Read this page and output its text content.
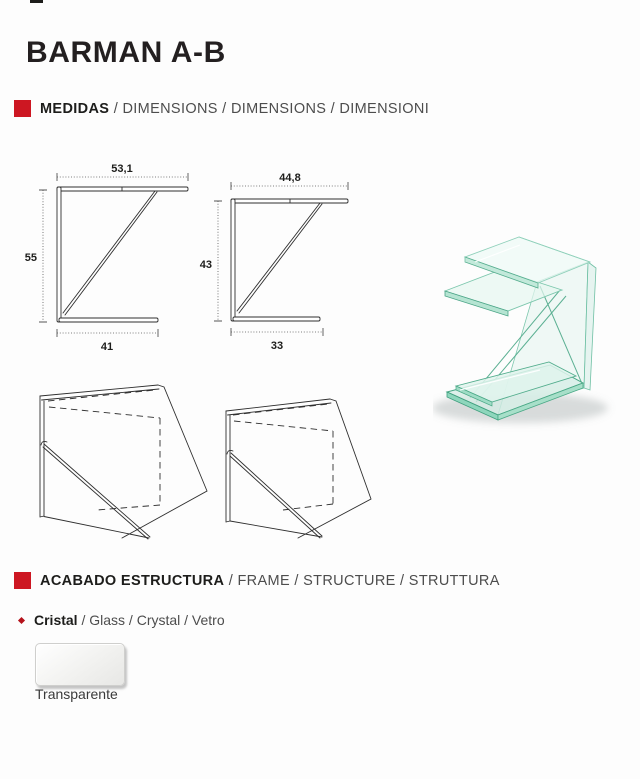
BARMAN A-B
MEDIDAS / DIMENSIONS / DIMENSIONS / DIMENSIONI
53,1
55
41
44,8
43
33
ACABADO ESTRUCTURA / FRAME / STRUCTURE / STRUTTURA
Cristal / Glass / Crystal / Vetro
Transparente
